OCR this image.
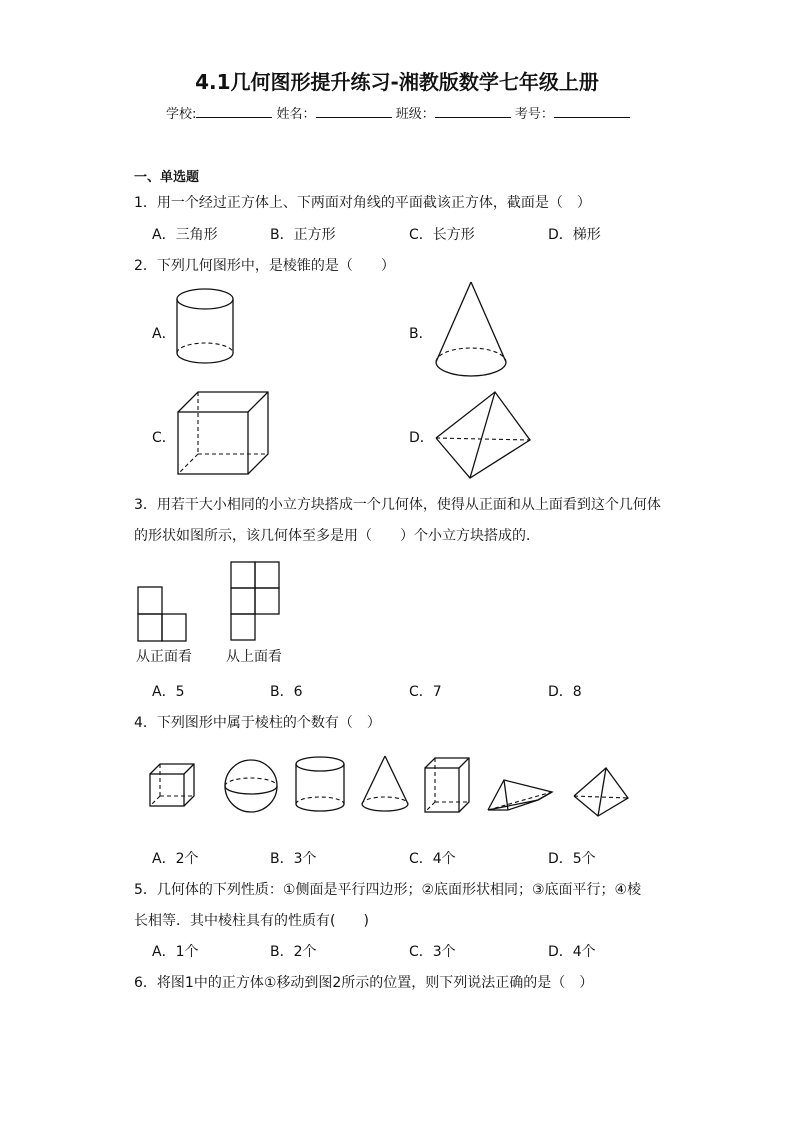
4.1几何图形提升练习-湘教版数学七年级上册
学校:	姓名：	班级：	考号：
一、单选题
1．用一个经过正方体上、下两面对角线的平面截该正方体，截面是（　）
A．三角形	B．正方形	C．长方形	D．梯形
2．下列几何图形中，是棱锥的是（　　）
A．	B．
C．	D．
3．用若干大小相同的小立方块搭成一个几何体，使得从正面和从上面看到这个几何体
的形状如图所示，该几何体至多是用（　　）个小立方块搭成的．
从正面看 从上面看
A．5	B．6	C．7	D．8
4．下列图形中属于棱柱的个数有（　）
A．2个	B．3个	C．4个	D．5个
5．几何体的下列性质：①侧面是平行四边形；②底面形状相同；③底面平行；④棱
长相等．其中棱柱具有的性质有(　　)
A．1个	B．2个	C．3个	D．4个
6．将图1中的正方体①移动到图2所示的位置，则下列说法正确的是（　）
